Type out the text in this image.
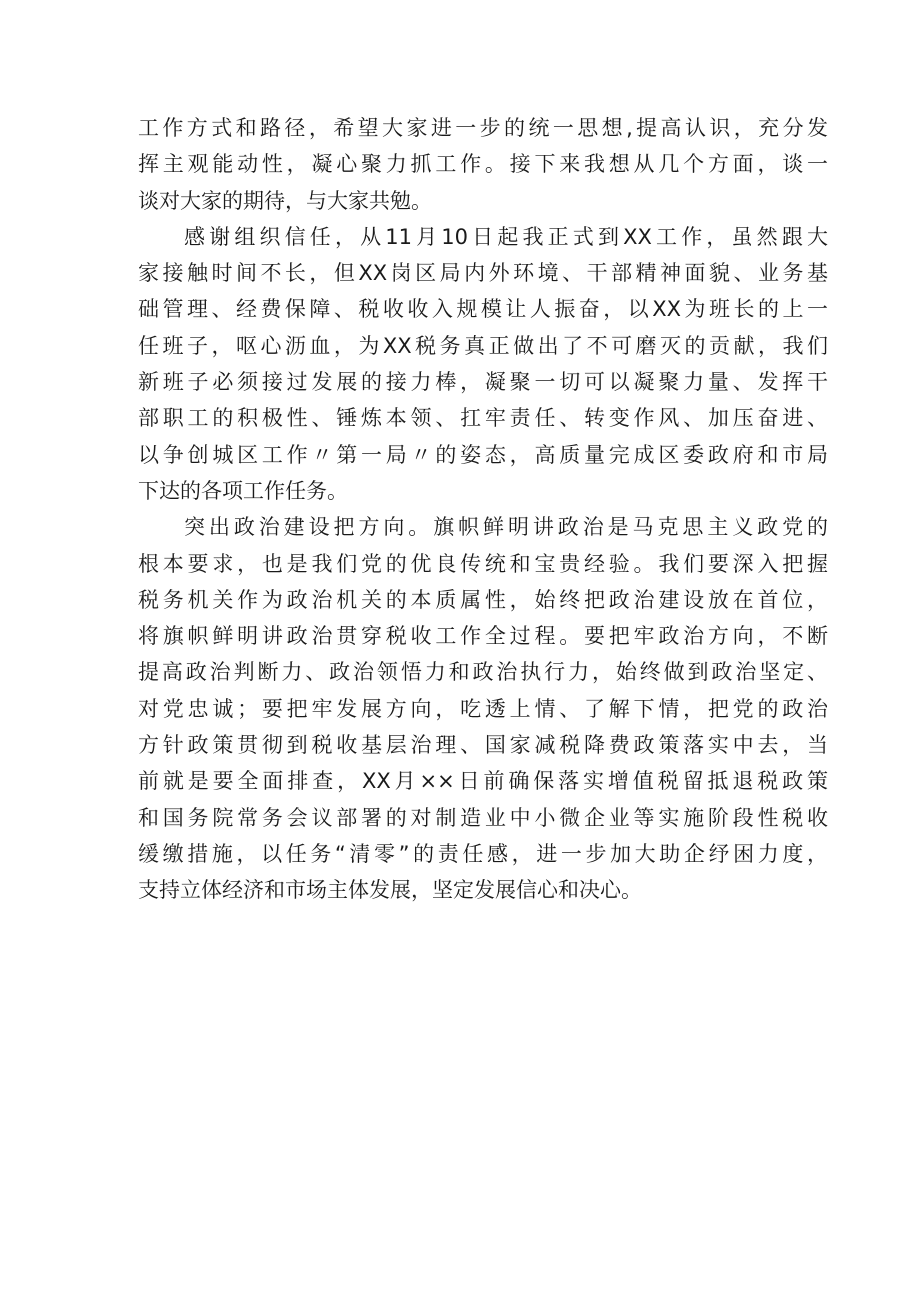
工作方式和路径，希望大家进一步的统一思想,提高认识，充分发
挥主观能动性，凝心聚力抓工作。接下来我想从几个方面，谈一
谈对大家的期待，与大家共勉。
感谢组织信任，从11月10日起我正式到XX工作，虽然跟大
家接触时间不长，但XX岗区局内外环境、干部精神面貌、业务基
础管理、经费保障、税收收入规模让人振奋，以XX为班长的上一
任班子，呕心沥血，为XX税务真正做出了不可磨灭的贡献，我们
新班子必须接过发展的接力棒，凝聚一切可以凝聚力量、发挥干
部职工的积极性、锤炼本领、扛牢责任、转变作风、加压奋进、
以争创城区工作〃第一局〃的姿态，高质量完成区委政府和市局
下达的各项工作任务。
突出政治建设把方向。旗帜鲜明讲政治是马克思主义政党的
根本要求，也是我们党的优良传统和宝贵经验。我们要深入把握
税务机关作为政治机关的本质属性，始终把政治建设放在首位，
将旗帜鲜明讲政治贯穿税收工作全过程。要把牢政治方向，不断
提高政治判断力、政治领悟力和政治执行力，始终做到政治坚定、
对党忠诚；要把牢发展方向，吃透上情、了解下情，把党的政治
方针政策贯彻到税收基层治理、国家减税降费政策落实中去，当
前就是要全面排查，XX月××日前确保落实增值税留抵退税政策
和国务院常务会议部署的对制造业中小微企业等实施阶段性税收
缓缴措施，以任务“清零”的责任感，进一步加大助企纾困力度，
支持立体经济和市场主体发展，坚定发展信心和决心。
